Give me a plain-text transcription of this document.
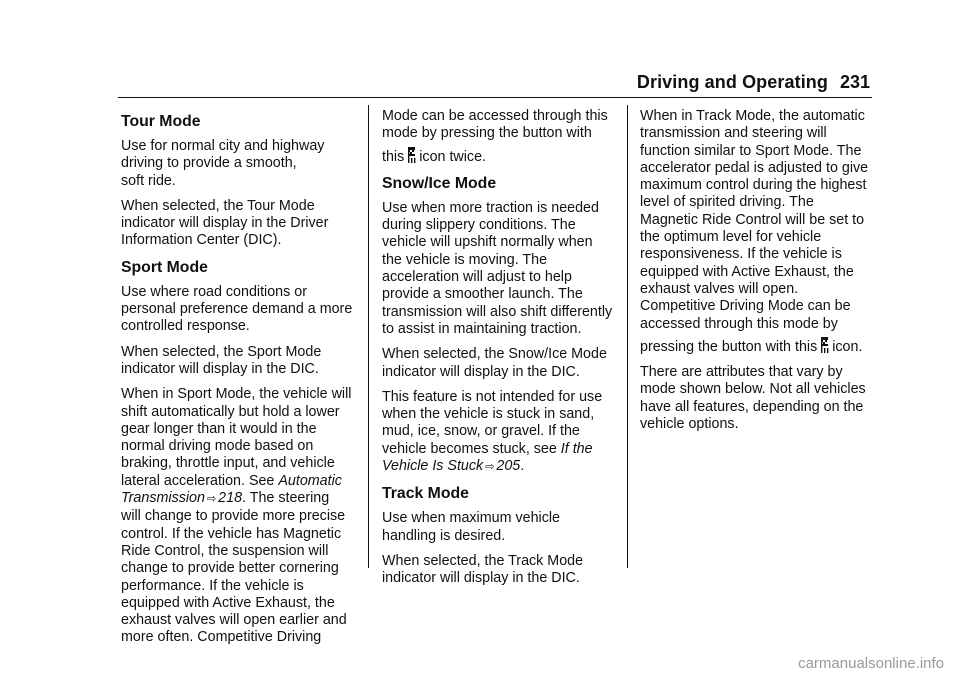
Driving and Operating 231
Tour Mode

Use for normal city and highway
driving to provide a smooth,
soft ride.

When selected, the Tour Mode
indicator will display in the Driver
Information Center (DIC).

Sport Mode

Use where road conditions or
personal preference demand a more
controlled response.

When selected, the Sport Mode
indicator will display in the DIC.

When in Sport Mode, the vehicle will
shift automatically but hold a lower
gear longer than it would in the
normal driving mode based on
braking, throttle input, and vehicle
lateral acceleration. See Automatic
Transmission ⇨ 218. The steering
will change to provide more precise
control. If the vehicle has Magnetic
Ride Control, the suspension will
change to provide better cornering
performance. If the vehicle is
equipped with Active Exhaust, the
exhaust valves will open earlier and
more often. Competitive Driving

Mode can be accessed through this
mode by pressing the button with
this icon twice.

Snow/Ice Mode

Use when more traction is needed
during slippery conditions. The
vehicle will upshift normally when
the vehicle is moving. The
acceleration will adjust to help
provide a smoother launch. The
transmission will also shift differently
to assist in maintaining traction.

When selected, the Snow/Ice Mode
indicator will display in the DIC.

This feature is not intended for use
when the vehicle is stuck in sand,
mud, ice, snow, or gravel. If the
vehicle becomes stuck, see If the
Vehicle Is Stuck ⇨ 205.

Track Mode

Use when maximum vehicle
handling is desired.

When selected, the Track Mode
indicator will display in the DIC.

When in Track Mode, the automatic
transmission and steering will
function similar to Sport Mode. The
accelerator pedal is adjusted to give
maximum control during the highest
level of spirited driving. The
Magnetic Ride Control will be set to
the optimum level for vehicle
responsiveness. If the vehicle is
equipped with Active Exhaust, the
exhaust valves will open.
Competitive Driving Mode can be
accessed through this mode by
pressing the button with this icon.

There are attributes that vary by
mode shown below. Not all vehicles
have all features, depending on the
vehicle options.

carmanualsonline.info
